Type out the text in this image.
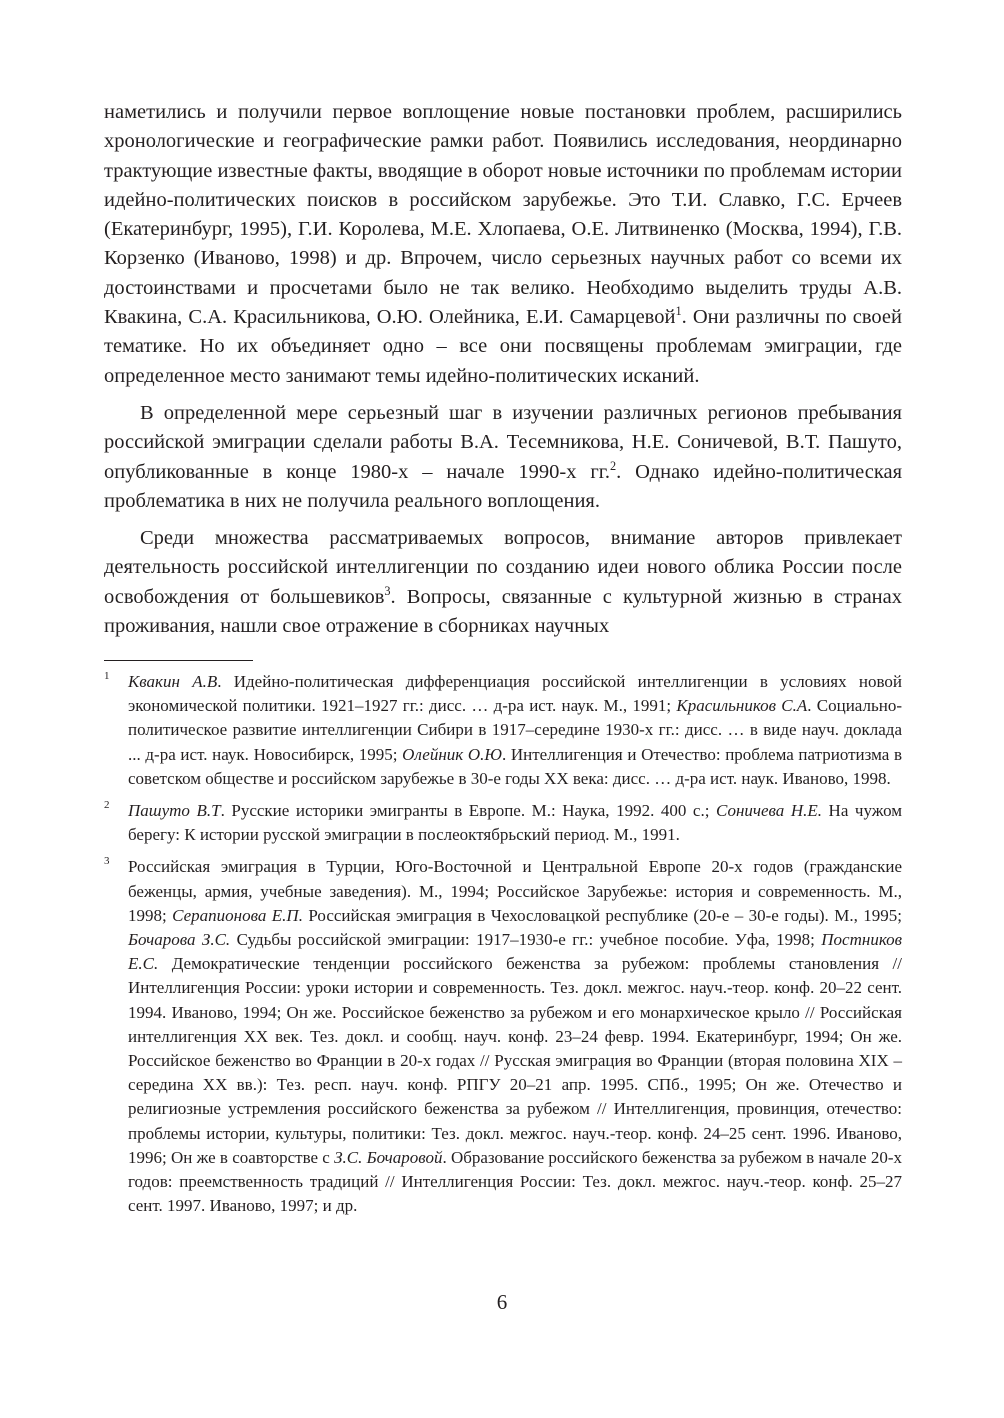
наметились и получили первое воплощение новые постановки проблем, расширились хронологические и географические рамки работ. Появились исследования, неординарно трактующие известные факты, вводящие в оборот новые источники по проблемам истории идейно-политических поисков в российском зарубежье. Это Т.И. Славко, Г.С. Ерчеев (Екатеринбург, 1995), Г.И. Королева, М.Е. Хлопаева, О.Е. Литвиненко (Москва, 1994), Г.В. Корзенко (Иваново, 1998) и др. Впрочем, число серьезных научных работ со всеми их достоинствами и просчетами было не так велико. Необходимо выделить труды А.В. Квакина, С.А. Красильникова, О.Ю. Олейника, Е.И. Самарцевой$^1$. Они различны по своей тематике. Но их объединяет одно – все они посвящены проблемам эмиграции, где определенное место занимают темы идейно-политических исканий.

В определенной мере серьезный шаг в изучении различных регионов пребывания российской эмиграции сделали работы В.А. Тесемникова, Н.Е. Соничевой, В.Т. Пашуто, опубликованные в конце 1980-х – начале 1990-х гг.$^2$. Однако идейно-политическая проблематика в них не получила реального воплощения.

Среди множества рассматриваемых вопросов, внимание авторов привлекает деятельность российской интеллигенции по созданию идеи нового облика России после освобождения от большевиков$^3$. Вопросы, связанные с культурной жизнью в странах проживания, нашли свое отражение в сборниках научных

1 Квакин А.В. Идейно-политическая дифференциация российской интеллигенции в условиях новой экономической политики. 1921–1927 гг.: дисс. … д-ра ист. наук. М., 1991; Красильников С.А. Социально-политическое развитие интеллигенции Сибири в 1917–середине 1930-х гг.: дисс. … в виде науч. доклада ... д-ра ист. наук. Новосибирск, 1995; Олейник О.Ю. Интеллигенция и Отечество: проблема патриотизма в советском обществе и российском зарубежье в 30-е годы ХХ века: дисс. … д-ра ист. наук. Иваново, 1998.
2 Пашуто В.Т. Русские историки эмигранты в Европе. М.: Наука, 1992. 400 с.; Соничева Н.Е. На чужом берегу: К истории русской эмиграции в послеоктябрьский период. М., 1991.
3 Российская эмиграция в Турции, Юго-Восточной и Центральной Европе 20-х годов (гражданские беженцы, армия, учебные заведения). М., 1994; Российское Зарубежье: история и современность. М., 1998; Серапионова Е.П. Российская эмиграция в Чехословацкой республике (20-е – 30-е годы). М., 1995; Бочарова З.С. Судьбы российской эмиграции: 1917–1930-е гг.: учебное пособие. Уфа, 1998; Постников Е.С. Демократические тенденции российского беженства за рубежом: проблемы становления // Интеллигенция России: уроки истории и современность. Тез. докл. межгос. науч.-теор. конф. 20–22 сент. 1994. Иваново, 1994; Он же. Российское беженство за рубежом и его монархическое крыло // Российская интеллигенция ХХ век. Тез. докл. и сообщ. науч. конф. 23–24 февр. 1994. Екатеринбург, 1994; Он же. Российское беженство во Франции в 20-х годах // Русская эмиграция во Франции (вторая половина XIX – середина XX вв.): Тез. респ. науч. конф. РПГУ 20–21 апр. 1995. СПб., 1995; Он же. Отечество и религиозные устремления российского беженства за рубежом // Интеллигенция, провинция, отечество: проблемы истории, культуры, политики: Тез. докл. межгос. науч.-теор. конф. 24–25 сент. 1996. Иваново, 1996; Он же в соавторстве с З.С. Бочаровой. Образование российского беженства за рубежом в начале 20-х годов: преемственность традиций // Интеллигенция России: Тез. докл. межгос. науч.-теор. конф. 25–27 сент. 1997. Иваново, 1997; и др.
6
